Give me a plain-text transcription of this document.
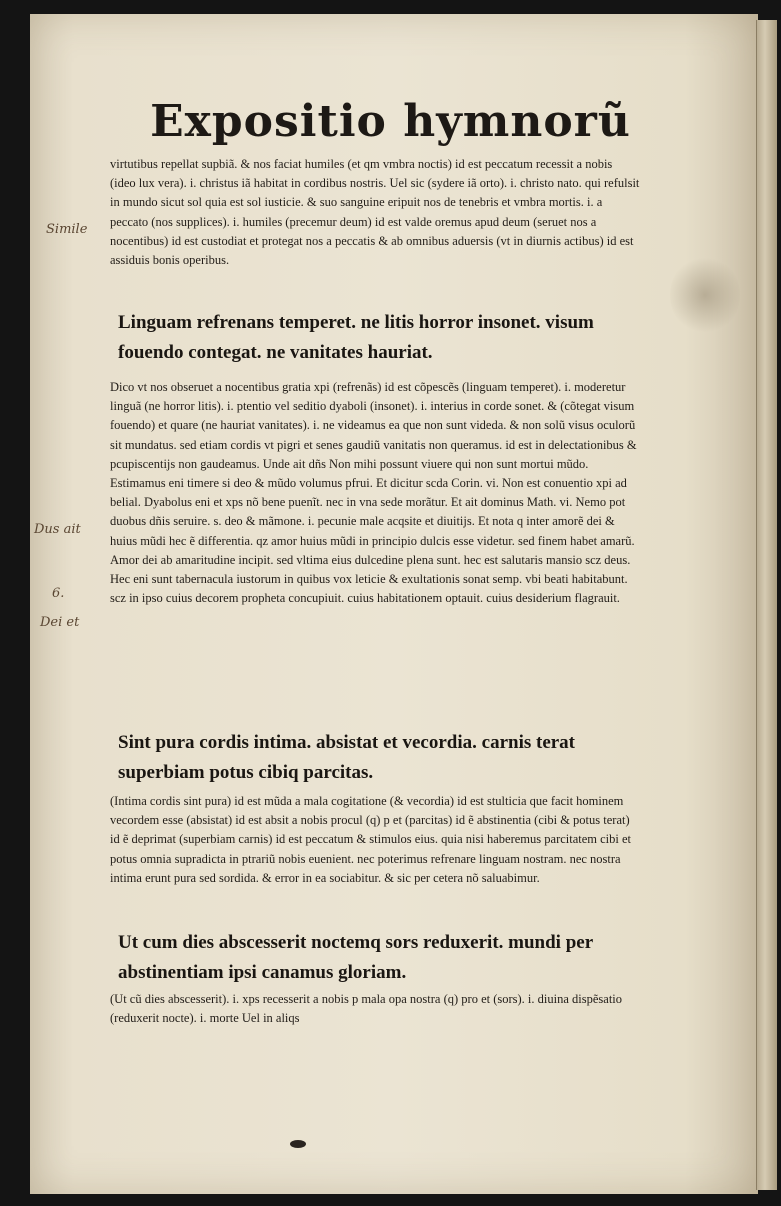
Expositio hymnorũ

virtutibus repellat supbiã. & nos faciat humiles (et qm vmbra noctis) id est peccatum recessit a nobis (ideo lux vera). i. christus iã habitat in cordibus nostris. Uel sic (sydere iã orto). i. christo nato. qui refulsit in mundo sicut sol quia est sol iusticie. & suo sanguine eripuit nos de tenebris et vmbra mortis. i. a peccato (nos supplices). i. humiles (precemur deum) id est valde oremus apud deum (seruet nos a nocentibus) id est custodiat et protegat nos a peccatis & ab omnibus aduersis (vt in diurnis actibus) id est assiduis bonis operibus.

Linguam refrenans temperet. ne litis horror insonet. visum fouendo contegat. ne vanitates hauriat.

Dico vt nos obseruet a nocentibus gratia xpi (refrenãs) id est cõpescẽs (linguam temperet). i. moderetur linguã (ne horror litis). i. ptentio vel seditio dyaboli (insonet). i. interius in corde sonet. & (cõtegat visum fouendo) et quare (ne hauriat vanitates). i. ne videamus ea que non sunt videda. & non solũ visus oculorũ sit mundatus. sed etiam cordis vt pigri et senes gaudiũ vanitatis non queramus. id est in delectationibus & pcupiscentijs non gaudeamus. Unde ait dñs Non mihi possunt viuere qui non sunt mortui mũdo. Estimamus eni timere si deo & mũdo volumus pfrui. Et dicitur scda Corin. vi. Non est conuentio xpi ad belial. Dyabolus eni et xps nõ bene puenĩt. nec in vna sede morãtur. Et ait dominus Math. vi. Nemo pot duobus dñis seruire. s. deo & mãmone. i. pecunie male acqsite et diuitijs. Et nota q inter amorẽ dei & huius mũdi hec ẽ differentia. qz amor huius mũdi in principio dulcis esse videtur. sed finem habet amarũ. Amor dei ab amaritudine incipit. sed vltima eius dulcedine plena sunt. hec est salutaris mansio scz deus. Hec eni sunt tabernacula iustorum in quibus vox leticie & exultationis sonat semp. vbi beati habitabunt. scz in ipso cuius decorem propheta concupiuit. cuius habitationem optauit. cuius desiderium flagrauit.

Sint pura cordis intima. absistat et vecordia. carnis terat superbiam potus cibiq parcitas.

(Intima cordis sint pura) id est mũda a mala cogitatione (& vecordia) id est stulticia que facit hominem vecordem esse (absistat) id est absit a nobis procul (q) p et (parcitas) id ẽ abstinentia (cibi & potus terat) id ẽ deprimat (superbiam carnis) id est peccatum & stimulos eius. quia nisi haberemus parcitatem cibi et potus omnia supradicta in ptrariũ nobis euenient. nec poterimus refrenare linguam nostram. nec nostra intima erunt pura sed sordida. & error in ea sociabitur. & sic per cetera nõ saluabimur.

Ut cum dies abscesserit noctemq sors reduxerit. mundi per abstinentiam ipsi canamus gloriam.

(Ut cũ dies abscesserit). i. xps recesserit a nobis p mala opa nostra (q) pro et (sors). i. diuina dispẽsatio (reduxerit nocte). i. morte Uel in aliqs

Simile
Dus ait
6.
Dei et
